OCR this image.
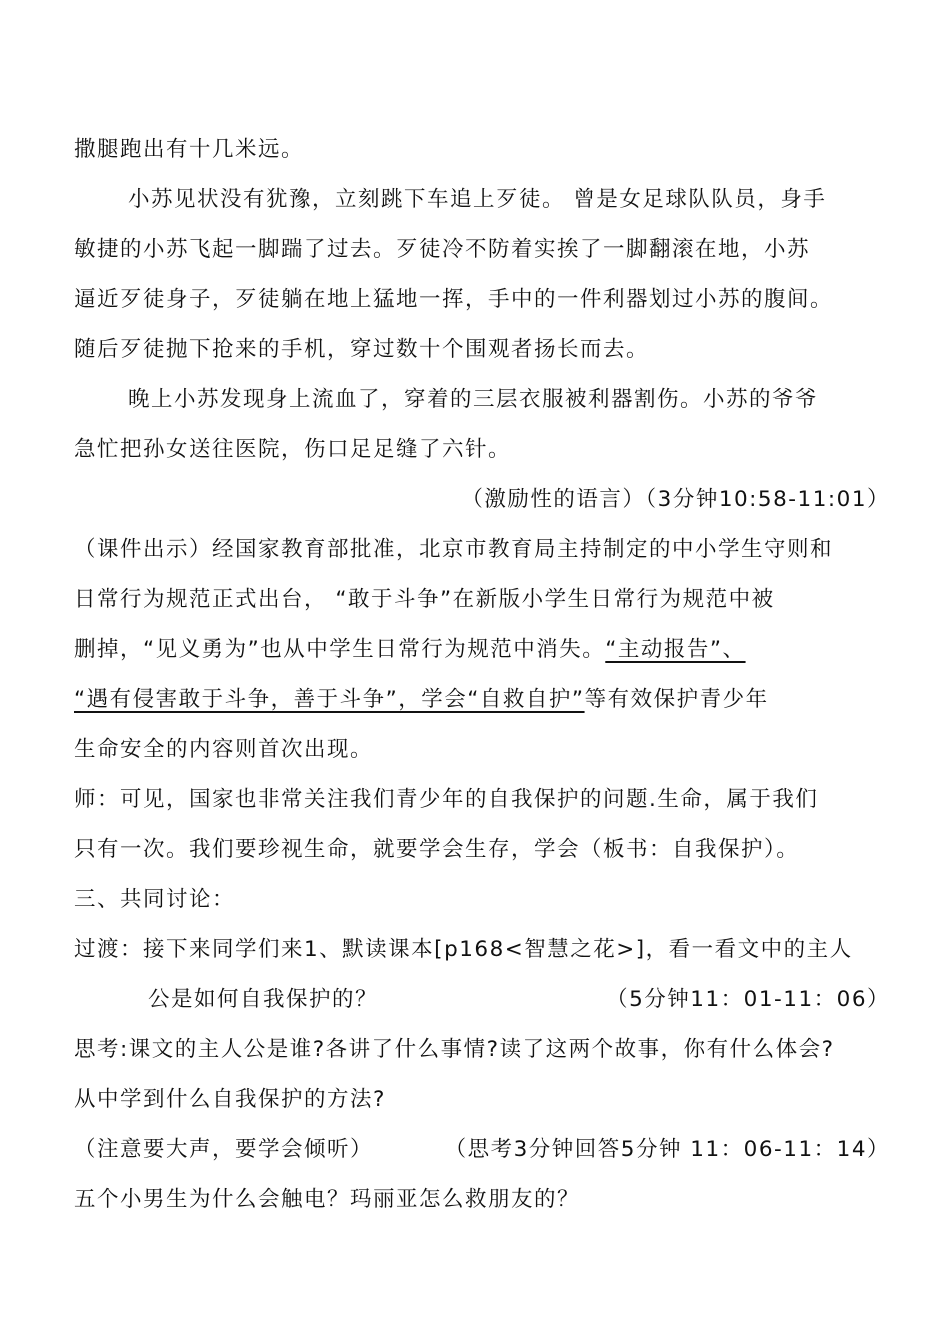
撒腿跑出有十几米远。
小苏见状没有犹豫，立刻跳下车追上歹徒。 曾是女足球队队员，身手
敏捷的小苏飞起一脚踹了过去。歹徒冷不防着实挨了一脚翻滚在地，小苏
逼近歹徒身子，歹徒躺在地上猛地一挥，手中的一件利器划过小苏的腹间。
随后歹徒抛下抢来的手机，穿过数十个围观者扬长而去。
晚上小苏发现身上流血了，穿着的三层衣服被利器割伤。小苏的爷爷
急忙把孙女送往医院，伤口足足缝了六针。
（激励性的语言）（3分钟10:58-11:01）
（课件出示）经国家教育部批准，北京市教育局主持制定的中小学生守则和
日常行为规范正式出台， “敢于斗争”在新版小学生日常行为规范中被
删掉，“见义勇为”也从中学生日常行为规范中消失。“主动报告”、
“遇有侵害敢于斗争，善于斗争”，学会“自救自护”等有效保护青少年
生命安全的内容则首次出现。
师：可见，国家也非常关注我们青少年的自我保护的问题.生命，属于我们
只有一次。我们要珍视生命，就要学会生存，学会（板书：自我保护）。
三、共同讨论：
过渡：接下来同学们来1、默读课本[p168<智慧之花>]，看一看文中的主人
公是如何自我保护的？	（5分钟11：01-11：06）
思考:课文的主人公是谁?各讲了什么事情?读了这两个故事，你有什么体会?
从中学到什么自我保护的方法?
（注意要大声，要学会倾听）	（思考3分钟回答5分钟 11：06-11：14）
五个小男生为什么会触电？玛丽亚怎么救朋友的？
